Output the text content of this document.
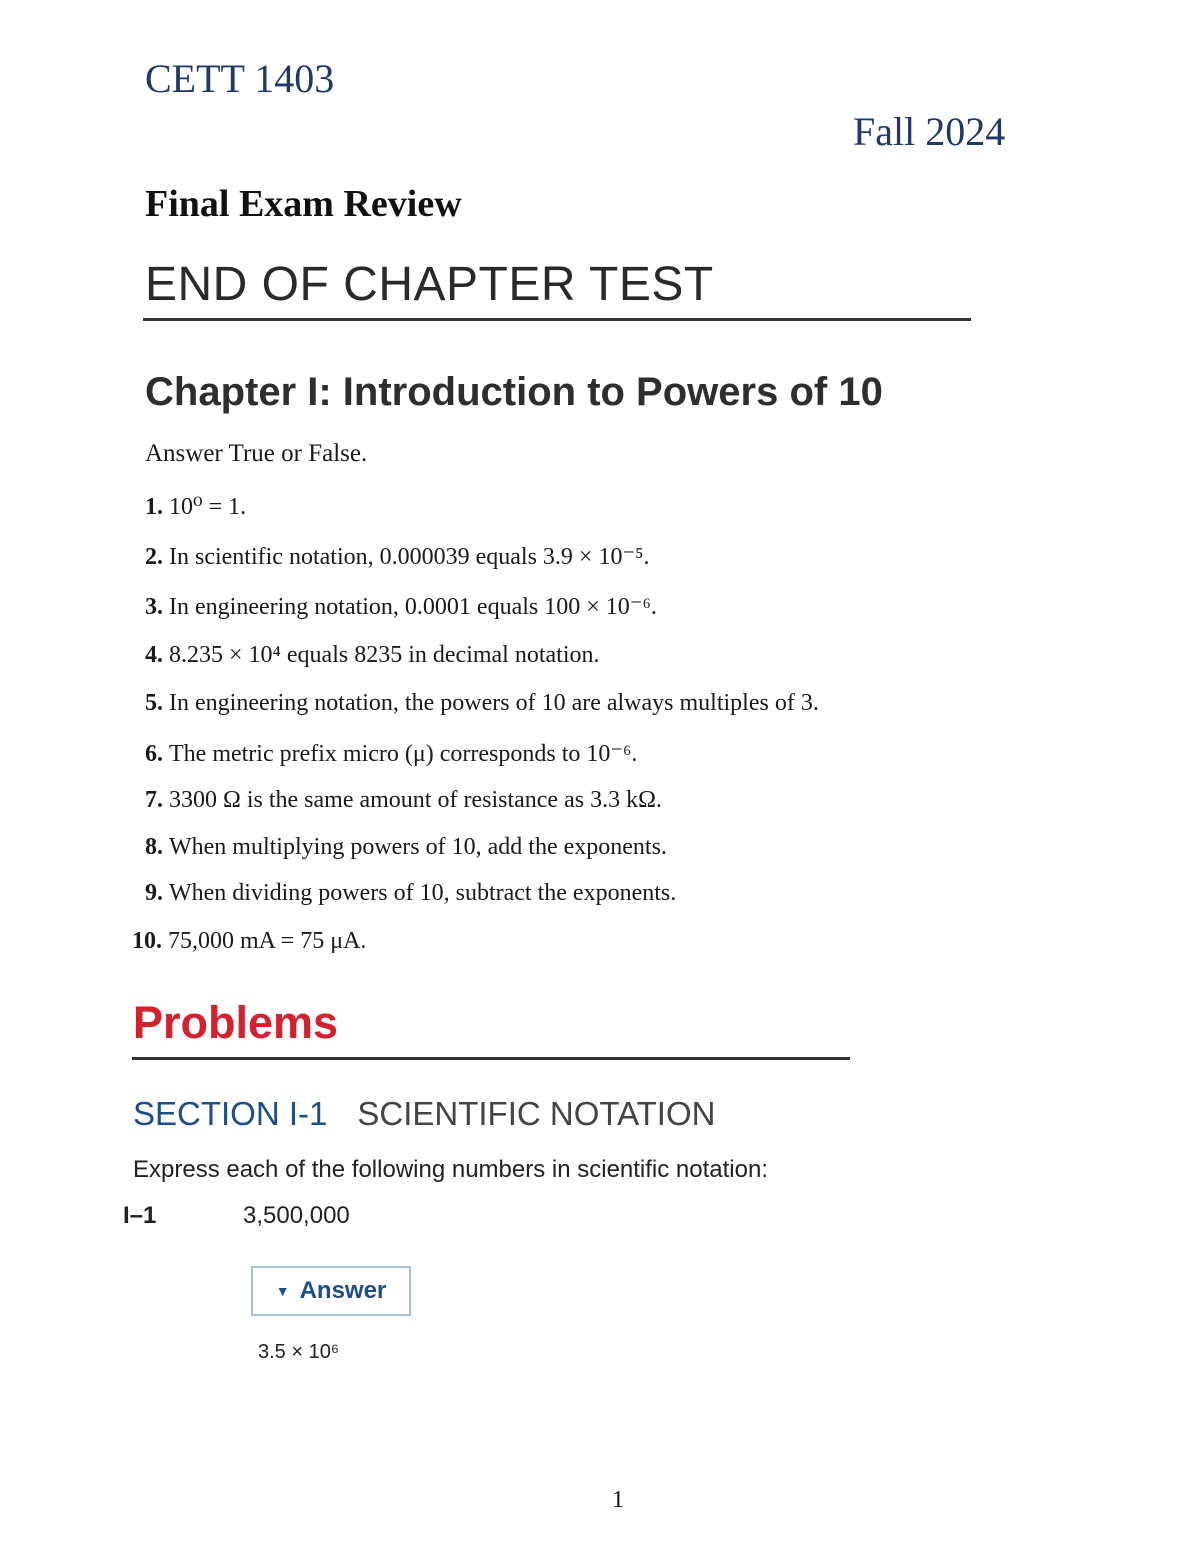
CETT 1403
Fall 2024
Final Exam Review
END OF CHAPTER TEST
Chapter I: Introduction to Powers of 10
Answer True or False.
1. 10⁰ = 1.
2. In scientific notation, 0.000039 equals 3.9 × 10⁻⁵.
3. In engineering notation, 0.0001 equals 100 × 10⁻⁶.
4. 8.235 × 10⁴ equals 8235 in decimal notation.
5. In engineering notation, the powers of 10 are always multiples of 3.
6. The metric prefix micro (μ) corresponds to 10⁻⁶.
7. 3300 Ω is the same amount of resistance as 3.3 kΩ.
8. When multiplying powers of 10, add the exponents.
9. When dividing powers of 10, subtract the exponents.
10. 75,000 mA = 75 μA.
Problems
SECTION I-1 SCIENTIFIC NOTATION
Express each of the following numbers in scientific notation:
I–1	3,500,000
▼ Answer
3.5 × 10⁶
1
